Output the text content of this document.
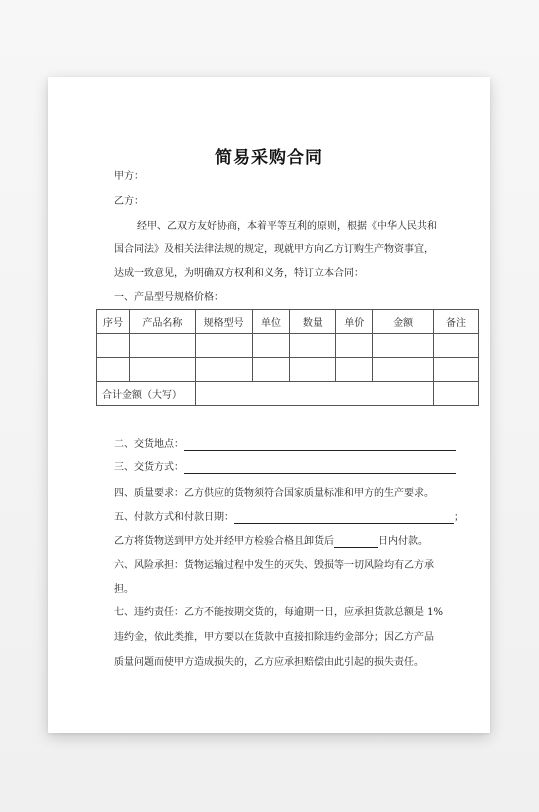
简易采购合同
甲方：
乙方：
经甲、乙双方友好协商，本着平等互利的原则，根据《中华人民共和
国合同法》及相关法律法规的规定，现就甲方向乙方订购生产物资事宜，
达成一致意见，为明确双方权利和义务，特订立本合同：
一、产品型号规格价格：
序号	产品名称	规格型号	单位	数量	单价	金额	备注

合计金额（大写）							
二、交货地点：
三、交货方式：
四、质量要求：乙方供应的货物须符合国家质量标准和甲方的生产要求。
五、付款方式和付款日期：	；
乙方将货物送到甲方处并经甲方检验合格且卸货后	日内付款。
六、风险承担：货物运输过程中发生的灭失、毁损等一切风险均有乙方承
担。
七、违约责任：乙方不能按期交货的，每逾期一日，应承担货款总额是 1%
违约金，依此类推，甲方要以在货款中直接扣除违约金部分；因乙方产品
质量问题而使甲方造成损失的，乙方应承担赔偿由此引起的损失责任。
